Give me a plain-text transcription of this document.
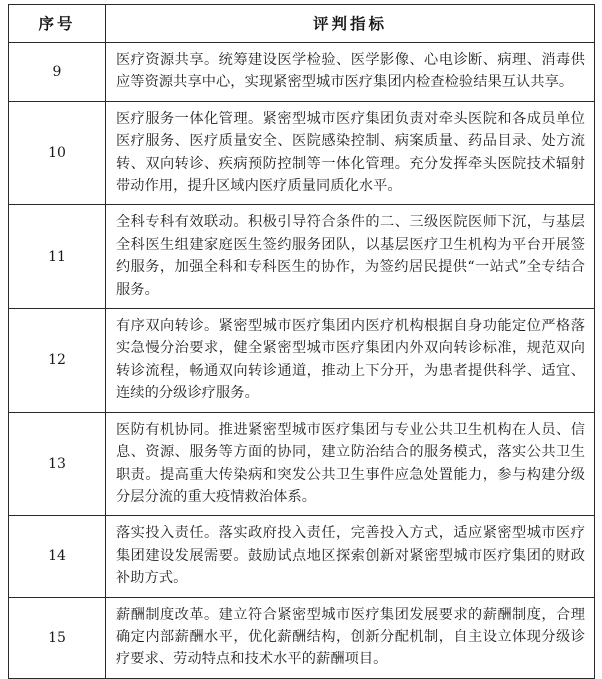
序号	评判指标
9	医疗资源共享。统筹建设医学检验、医学影像、心电诊断、病理、消毒供应等资源共享中心，实现紧密型城市医疗集团内检查检验结果互认共享。
10	医疗服务一体化管理。紧密型城市医疗集团负责对牵头医院和各成员单位医疗服务、医疗质量安全、医院感染控制、病案质量、药品目录、处方流转、双向转诊、疾病预防控制等一体化管理。充分发挥牵头医院技术辐射带动作用，提升区域内医疗质量同质化水平。
11	全科专科有效联动。积极引导符合条件的二、三级医院医师下沉，与基层全科医生组建家庭医生签约服务团队，以基层医疗卫生机构为平台开展签约服务，加强全科和专科医生的协作，为签约居民提供“一站式”全专结合服务。
12	有序双向转诊。紧密型城市医疗集团内医疗机构根据自身功能定位严格落实急慢分治要求，健全紧密型城市医疗集团内外双向转诊标准，规范双向转诊流程，畅通双向转诊通道，推动上下分开，为患者提供科学、适宜、连续的分级诊疗服务。
13	医防有机协同。推进紧密型城市医疗集团与专业公共卫生机构在人员、信息、资源、服务等方面的协同，建立防治结合的服务模式，落实公共卫生职责。提高重大传染病和突发公共卫生事件应急处置能力，参与构建分级分层分流的重大疫情救治体系。
14	落实投入责任。落实政府投入责任，完善投入方式，适应紧密型城市医疗集团建设发展需要。鼓励试点地区探索创新对紧密型城市医疗集团的财政补助方式。
15	薪酬制度改革。建立符合紧密型城市医疗集团发展要求的薪酬制度，合理确定内部薪酬水平，优化薪酬结构，创新分配机制，自主设立体现分级诊疗要求、劳动特点和技术水平的薪酬项目。
